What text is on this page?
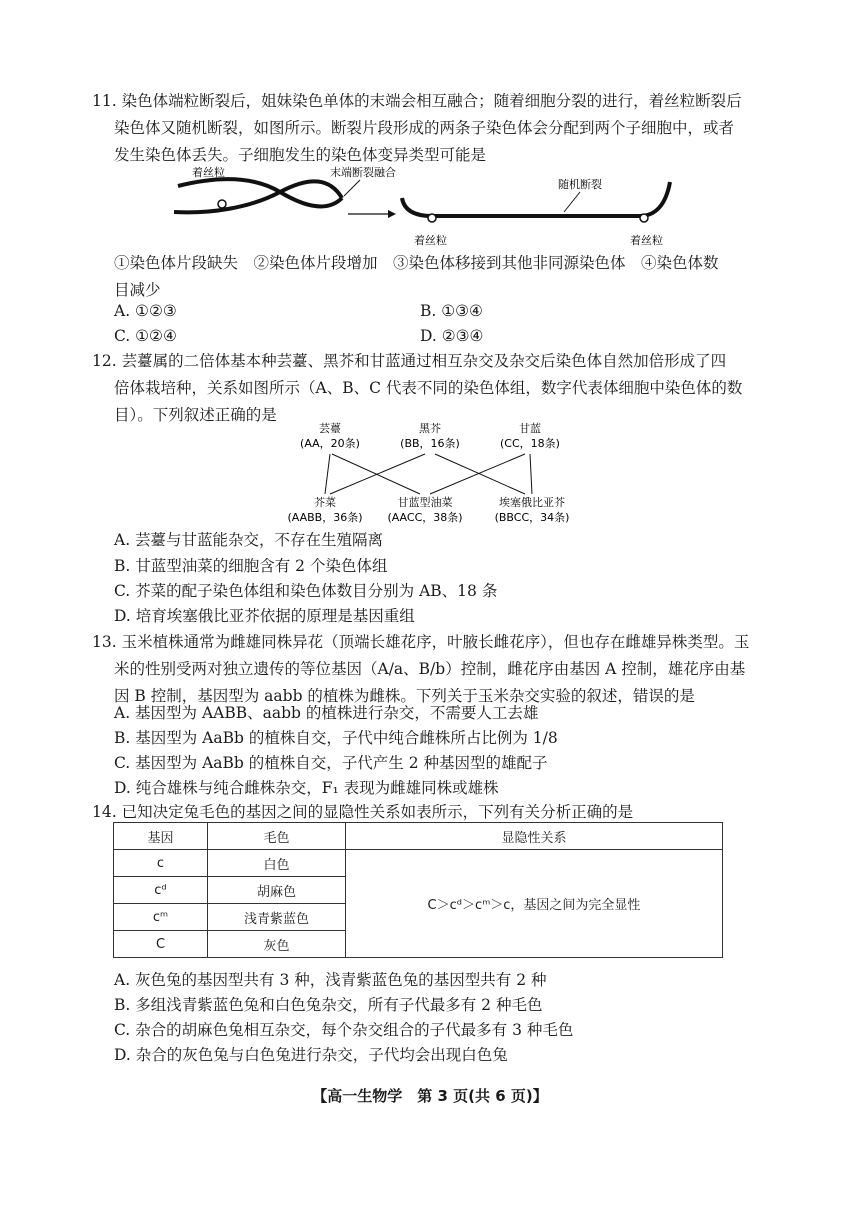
11. 染色体端粒断裂后，姐妹染色单体的末端会相互融合；随着细胞分裂的进行，着丝粒断裂后
染色体又随机断裂，如图所示。断裂片段形成的两条子染色体会分配到两个子细胞中，或者
发生染色体丢失。子细胞发生的染色体变异类型可能是
着丝粒	末端断裂融合
随机断裂
着丝粒	着丝粒
①染色体片段缺失　②染色体片段增加　③染色体移接到其他非同源染色体　④染色体数
目减少
A. ①②③	B. ①③④
C. ①②④	D. ②③④
12. 芸薹属的二倍体基本种芸薹、黑芥和甘蓝通过相互杂交及杂交后染色体自然加倍形成了四
倍体栽培种，关系如图所示（A、B、C 代表不同的染色体组，数字代表体细胞中染色体的数
目）。下列叙述正确的是
芸薹
(AA，20条)
黑芥
(BB，16条)
甘蓝
(CC，18条)
芥菜
(AABB，36条)
甘蓝型油菜
(AACC，38条)
埃塞俄比亚芥
(BBCC，34条)
A. 芸薹与甘蓝能杂交，不存在生殖隔离
B. 甘蓝型油菜的细胞含有 2 个染色体组
C. 芥菜的配子染色体组和染色体数目分别为 AB、18 条
D. 培育埃塞俄比亚芥依据的原理是基因重组
13. 玉米植株通常为雌雄同株异花（顶端长雄花序，叶腋长雌花序），但也存在雌雄异株类型。玉
米的性别受两对独立遗传的等位基因（A/a、B/b）控制，雌花序由基因 A 控制，雄花序由基
因 B 控制，基因型为 aabb 的植株为雌株。下列关于玉米杂交实验的叙述，错误的是
A. 基因型为 AABB、aabb 的植株进行杂交，不需要人工去雄
B. 基因型为 AaBb 的植株自交，子代中纯合雌株所占比例为 1/8
C. 基因型为 AaBb 的植株自交，子代产生 2 种基因型的雄配子
D. 纯合雄株与纯合雌株杂交，F₁ 表现为雌雄同株或雄株
14. 已知决定兔毛色的基因之间的显隐性关系如表所示，下列有关分析正确的是
基因	毛色	显隐性关系
c	白色	C＞cᵈ＞cᵐ＞c，基因之间为完全显性
cᵈ	胡麻色	
cᵐ	浅青紫蓝色	
C	灰色	
A. 灰色兔的基因型共有 3 种，浅青紫蓝色兔的基因型共有 2 种
B. 多组浅青紫蓝色兔和白色兔杂交，所有子代最多有 2 种毛色
C. 杂合的胡麻色兔相互杂交，每个杂交组合的子代最多有 3 种毛色
D. 杂合的灰色兔与白色兔进行杂交，子代均会出现白色兔
【高一生物学　第 3 页(共 6 页)】
